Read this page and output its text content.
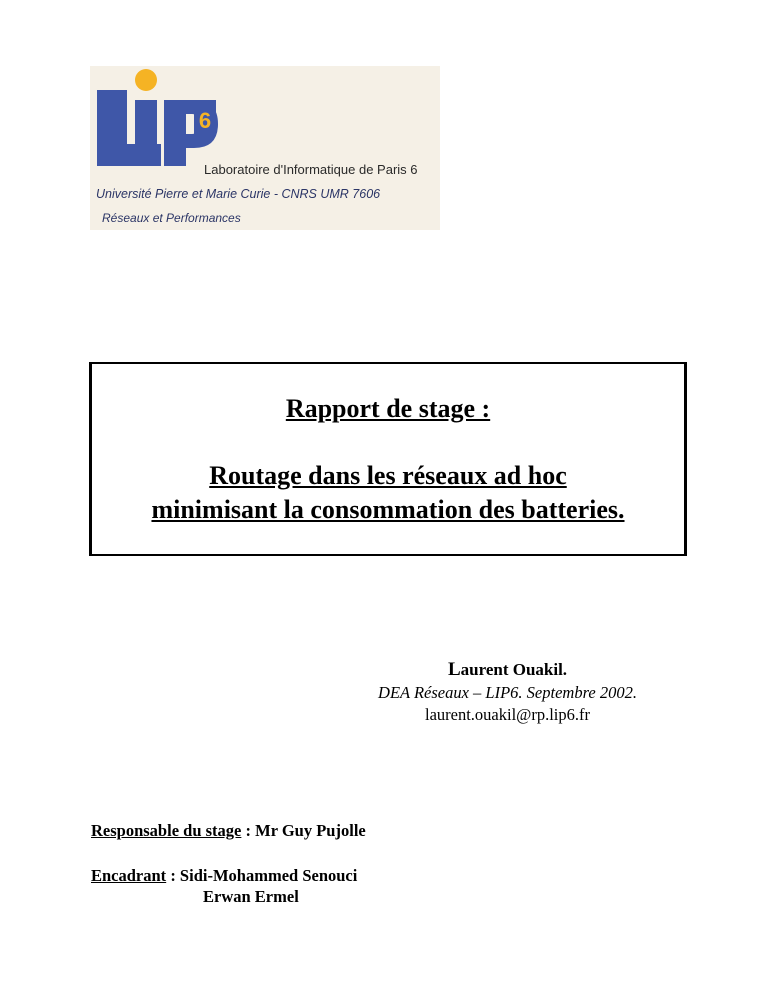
6
Laboratoire d'Informatique de Paris 6
Université Pierre et Marie Curie - CNRS UMR 7606
Réseaux et Performances
Rapport de stage :
Routage dans les réseaux ad hoc
minimisant la consommation des batteries.
Laurent Ouakil.
DEA Réseaux – LIP6. Septembre 2002.
laurent.ouakil@rp.lip6.fr
Responsable du stage : Mr Guy Pujolle
Encadrant : Sidi-Mohammed Senouci
Erwan Ermel
